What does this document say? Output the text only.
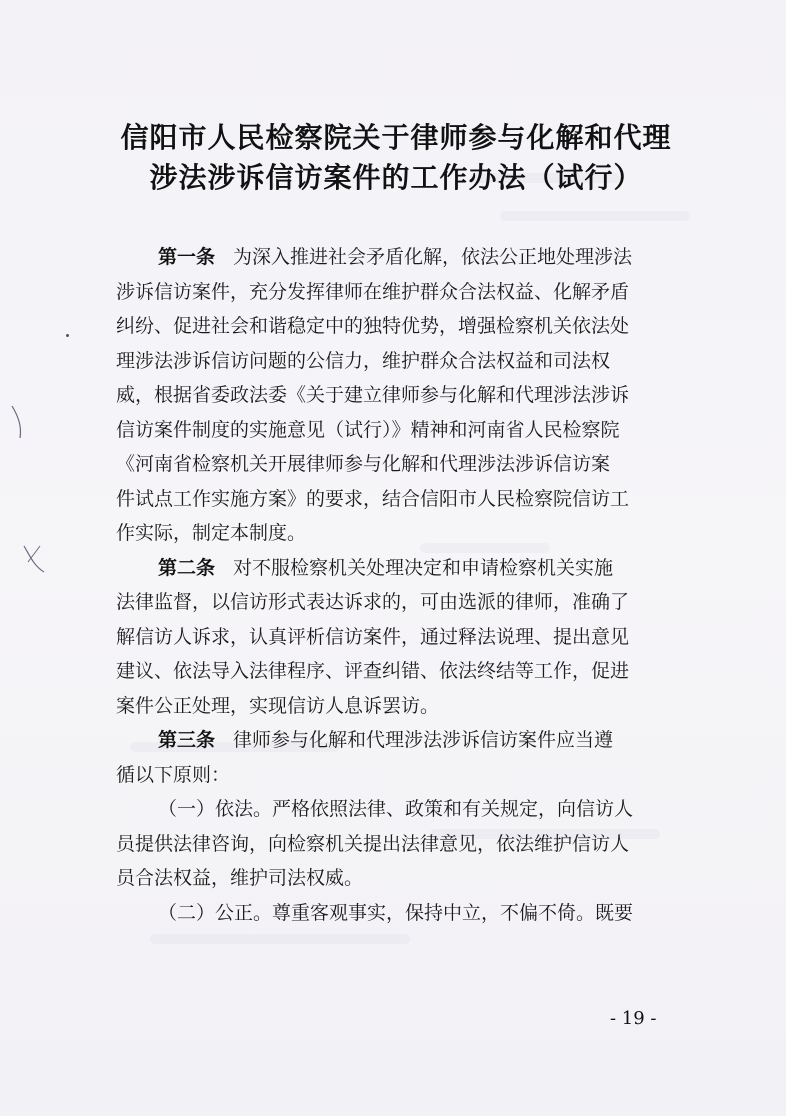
信阳市人民检察院关于律师参与化解和代理
涉法涉诉信访案件的工作办法（试行）
第一条 为深入推进社会矛盾化解，依法公正地处理涉法
涉诉信访案件，充分发挥律师在维护群众合法权益、化解矛盾
纠纷、促进社会和谐稳定中的独特优势，增强检察机关依法处
理涉法涉诉信访问题的公信力，维护群众合法权益和司法权
威，根据省委政法委《关于建立律师参与化解和代理涉法涉诉
信访案件制度的实施意见（试行）》精神和河南省人民检察院
《河南省检察机关开展律师参与化解和代理涉法涉诉信访案
件试点工作实施方案》的要求，结合信阳市人民检察院信访工
作实际，制定本制度。
第二条 对不服检察机关处理决定和申请检察机关实施
法律监督，以信访形式表达诉求的，可由选派的律师，准确了
解信访人诉求，认真评析信访案件，通过释法说理、提出意见
建议、依法导入法律程序、评查纠错、依法终结等工作，促进
案件公正处理，实现信访人息诉罢访。
第三条 律师参与化解和代理涉法涉诉信访案件应当遵
循以下原则：
（一）依法。严格依照法律、政策和有关规定，向信访人
员提供法律咨询，向检察机关提出法律意见，依法维护信访人
员合法权益，维护司法权威。
（二）公正。尊重客观事实，保持中立，不偏不倚。既要
- 19 -
